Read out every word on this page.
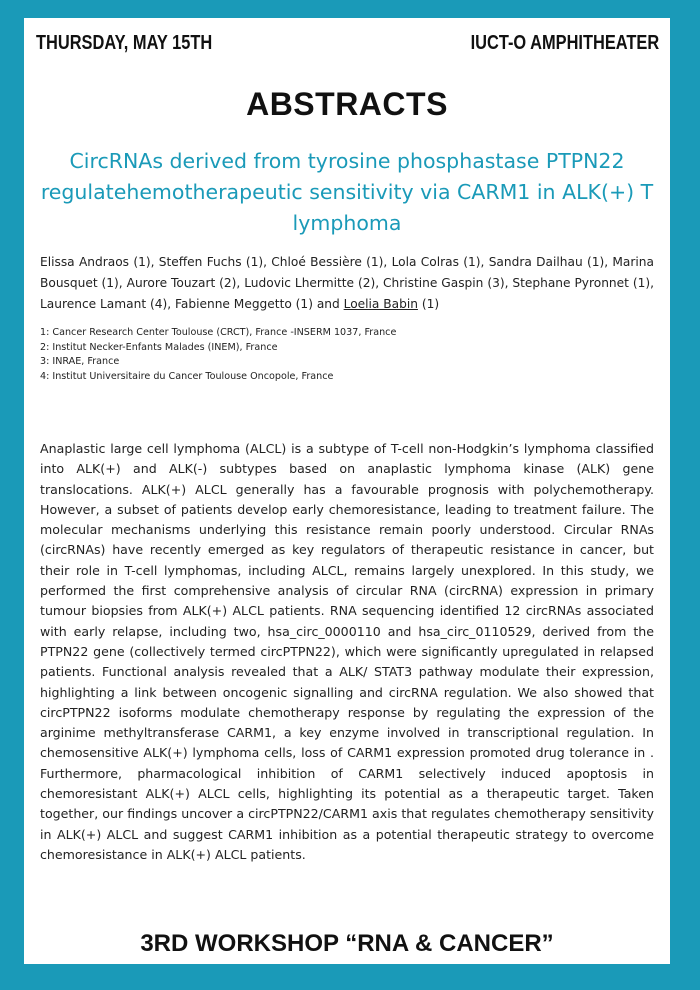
THURSDAY, MAY 15TH	IUCT-O AMPHITHEATER
ABSTRACTS
CircRNAs derived from tyrosine phosphastase PTPN22 regulatehemotherapeutic sensitivity via CARM1 in ALK(+) T lymphoma
Elissa Andraos (1), Steffen Fuchs (1), Chloé Bessière (1), Lola Colras (1), Sandra Dailhau (1), Marina Bousquet (1), Aurore Touzart (2), Ludovic Lhermitte (2), Christine Gaspin (3), Stephane Pyronnet (1), Laurence Lamant (4), Fabienne Meggetto (1) and Loelia Babin (1)
1: Cancer Research Center Toulouse (CRCT), France -INSERM 1037, France
2: Institut Necker-Enfants Malades (INEM), France
3: INRAE, France
4: Institut Universitaire du Cancer Toulouse Oncopole, France
Anaplastic large cell lymphoma (ALCL) is a subtype of T-cell non-Hodgkin’s lymphoma classified into ALK(+) and ALK(-) subtypes based on anaplastic lymphoma kinase (ALK) gene translocations. ALK(+) ALCL generally has a favourable prognosis with polychemotherapy. However, a subset of patients develop early chemoresistance, leading to treatment failure. The molecular mechanisms underlying this resistance remain poorly understood. Circular RNAs (circRNAs) have recently emerged as key regulators of therapeutic resistance in cancer, but their role in T-cell lymphomas, including ALCL, remains largely unexplored. In this study, we performed the first comprehensive analysis of circular RNA (circRNA) expression in primary tumour biopsies from ALK(+) ALCL patients. RNA sequencing identified 12 circRNAs associated with early relapse, including two, hsa_circ_0000110 and hsa_circ_0110529, derived from the PTPN22 gene (collectively termed circPTPN22), which were significantly upregulated in relapsed patients. Functional analysis revealed that a ALK/ STAT3 pathway modulate their expression, highlighting a link between oncogenic signalling and circRNA regulation. We also showed that circPTPN22 isoforms modulate chemotherapy response by regulating the expression of the arginime methyltransferase CARM1, a key enzyme involved in transcriptional regulation. In chemosensitive ALK(+) lymphoma cells, loss of CARM1 expression promoted drug tolerance in . Furthermore, pharmacological inhibition of CARM1 selectively induced apoptosis in chemoresistant ALK(+) ALCL cells, highlighting its potential as a therapeutic target. Taken together, our findings uncover a circPTPN22/CARM1 axis that regulates chemotherapy sensitivity in ALK(+) ALCL and suggest CARM1 inhibition as a potential therapeutic strategy to overcome chemoresistance in ALK(+) ALCL patients.
3RD WORKSHOP “RNA & CANCER”
